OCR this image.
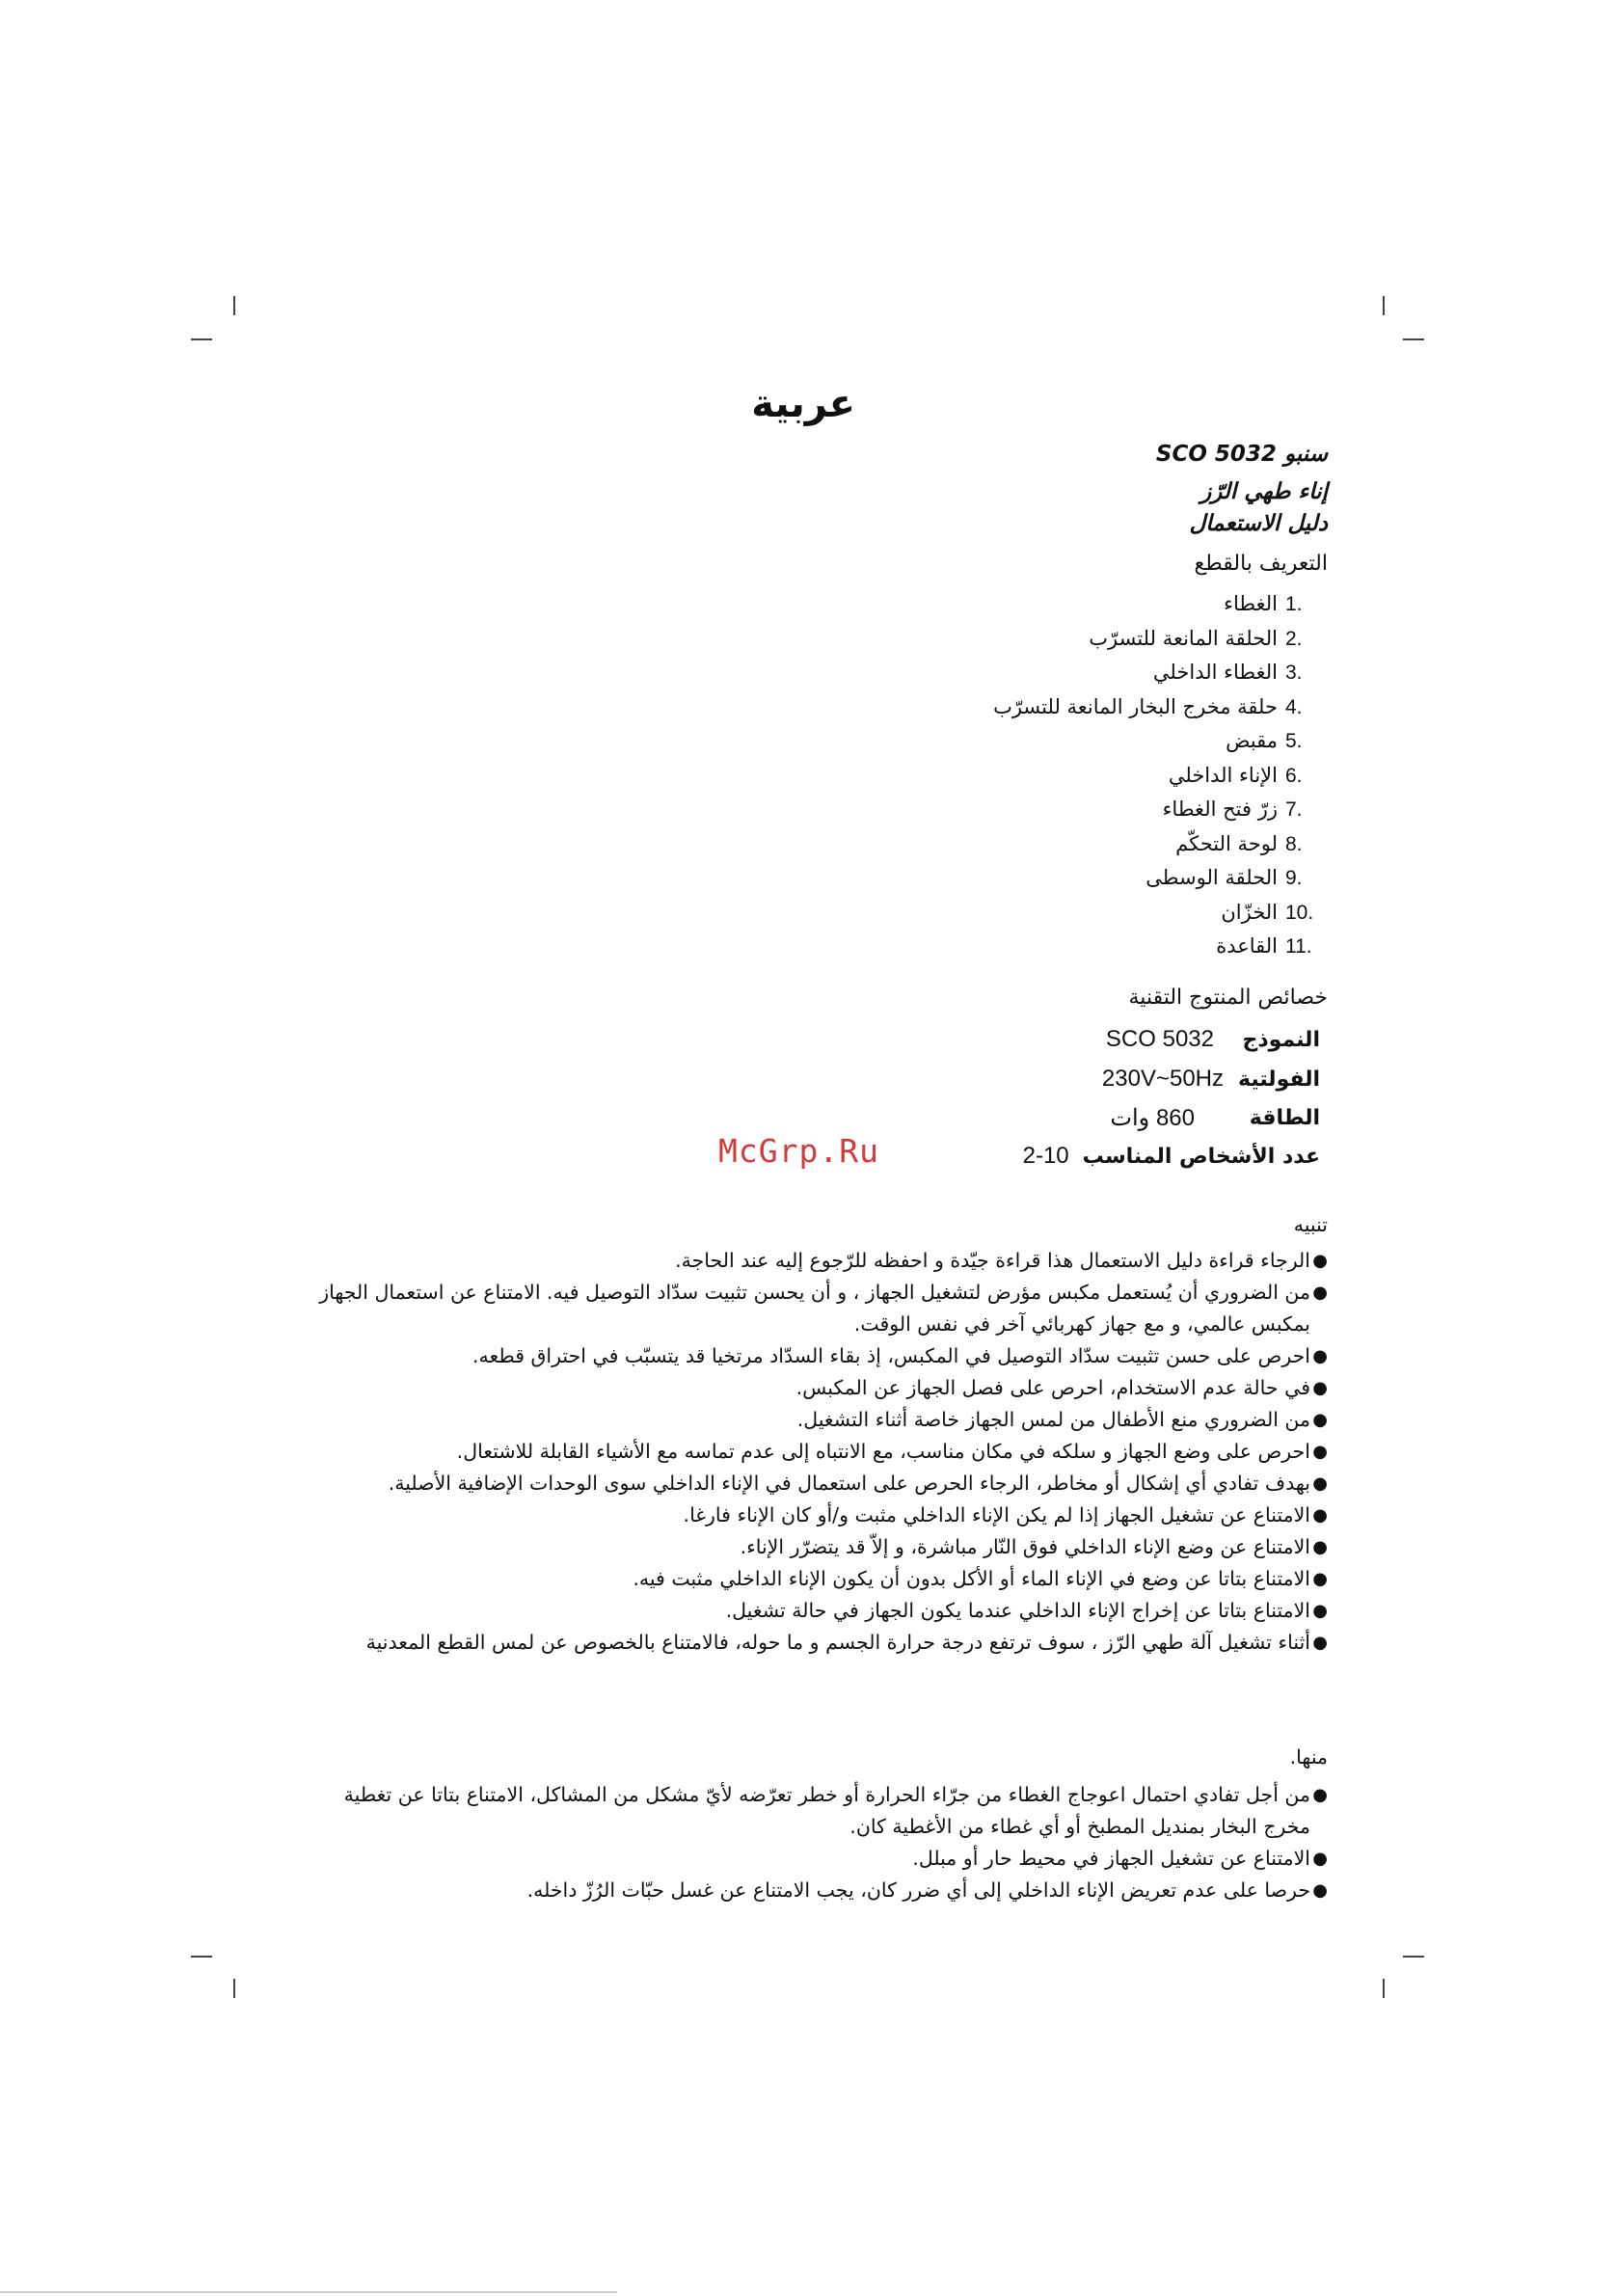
عربية
سنبو SCO 5032
إناء طهي الرّز
دليل الاستعمال
التعريف بالقطع
1.
الغطاء
2.
الحلقة المانعة للتسرّب
3.
الغطاء الداخلي
4.
حلقة مخرج البخار المانعة للتسرّب
5.
مقبض
6.
الإناء الداخلي
7.
زرّ فتح الغطاء
8.
لوحة التحكّم
9.
الحلقة الوسطى
10.
الخزّان
11.
القاعدة
خصائص المنتوج التقنية
النموذج
SCO 5032
الفولتية
230V~50Hz
الطاقة
860 وات
عدد الأشخاص المناسب
2-10
McGrp.Ru
تنبيه
●
الرجاء قراءة دليل الاستعمال هذا قراءة جيّدة و احفظه للرّجوع إليه عند الحاجة.
●
من الضروري أن يُستعمل مكبس مؤرض لتشغيل الجهاز ، و أن يحسن تثبيت سدّاد التوصيل فيه. الامتناع عن استعمال الجهاز بمكبس عالمي، و مع جهاز كهربائي آخر في نفس الوقت.
●
احرص على حسن تثبيت سدّاد التوصيل في المكبس، إذ بقاء السدّاد مرتخيا قد يتسبّب في احتراق قطعه.
●
في حالة عدم الاستخدام، احرص على فصل الجهاز عن المكبس.
●
من الضروري منع الأطفال من لمس الجهاز خاصة أثناء التشغيل.
●
احرص على وضع الجهاز و سلكه في مكان مناسب، مع الانتباه إلى عدم تماسه مع الأشياء القابلة للاشتعال.
●
بهدف تفادي أي إشكال أو مخاطر، الرجاء الحرص على استعمال في الإناء الداخلي سوى الوحدات الإضافية الأصلية.
●
الامتناع عن تشغيل الجهاز إذا لم يكن الإناء الداخلي مثبت و/أو كان الإناء فارغا.
●
الامتناع عن وضع الإناء الداخلي فوق النّار مباشرة، و إلاّ قد يتضرّر الإناء.
●
الامتناع بتاتا عن وضع في الإناء الماء أو الأكل بدون أن يكون الإناء الداخلي مثبت فيه.
●
الامتناع بتاتا عن إخراج الإناء الداخلي عندما يكون الجهاز في حالة تشغيل.
●
أثناء تشغيل آلة طهي الرّز ، سوف ترتفع درجة حرارة الجسم و ما حوله، فالامتناع بالخصوص عن لمس القطع المعدنية
منها.
●
من أجل تفادي احتمال اعوجاج الغطاء من جرّاء الحرارة أو خطر تعرّضه لأيّ مشكل من المشاكل، الامتناع بتاتا عن تغطية مخرج البخار بمنديل المطبخ أو أي غطاء من الأغطية كان.
●
الامتناع عن تشغيل الجهاز في محيط حار أو مبلل.
●
حرصا على عدم تعريض الإناء الداخلي إلى أي ضرر كان، يجب الامتناع عن غسل حبّات الرُزّ داخله.
